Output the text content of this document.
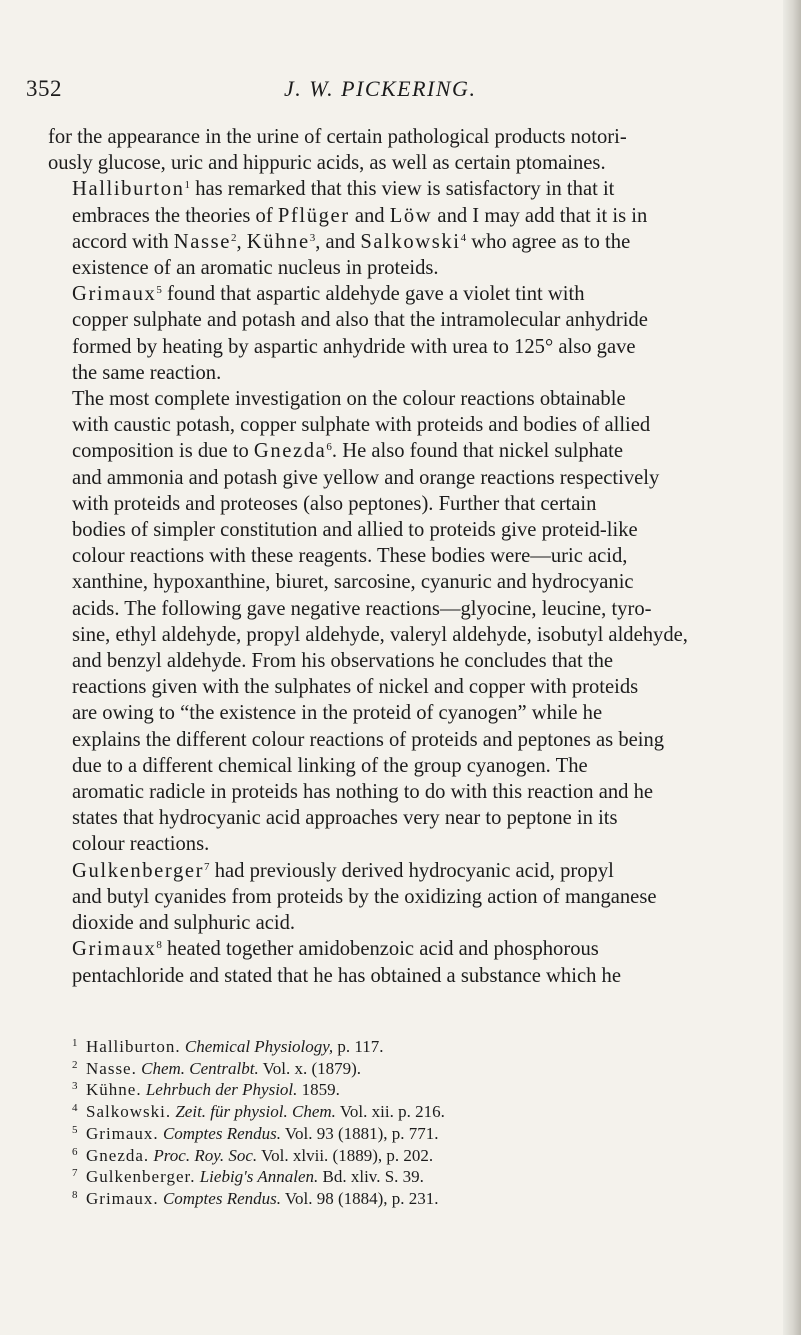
352	J. W. PICKERING.

for the appearance in the urine of certain pathological products notori-
ously glucose, uric and hippuric acids, as well as certain ptomaines.

Halliburton$^1$ has remarked that this view is satisfactory in that it
embraces the theories of Pflüger and Löw and I may add that it is in
accord with Nasse$^2$, Kühne$^3$, and Salkowski$^4$ who agree as to the
existence of an aromatic nucleus in proteids.

Grimaux$^5$ found that aspartic aldehyde gave a violet tint with
copper sulphate and potash and also that the intramolecular anhydride
formed by heating by aspartic anhydride with urea to 125° also gave
the same reaction.

The most complete investigation on the colour reactions obtainable
with caustic potash, copper sulphate with proteids and bodies of allied
composition is due to Gnezda$^6$. He also found that nickel sulphate
and ammonia and potash give yellow and orange reactions respectively
with proteids and proteoses (also peptones). Further that certain
bodies of simpler constitution and allied to proteids give proteid-like
colour reactions with these reagents. These bodies were—uric acid,
xanthine, hypoxanthine, biuret, sarcosine, cyanuric and hydrocyanic
acids. The following gave negative reactions—glyocine, leucine, tyro-
sine, ethyl aldehyde, propyl aldehyde, valeryl aldehyde, isobutyl aldehyde,
and benzyl aldehyde. From his observations he concludes that the
reactions given with the sulphates of nickel and copper with proteids
are owing to “the existence in the proteid of cyanogen” while he
explains the different colour reactions of proteids and peptones as being
due to a different chemical linking of the group cyanogen. The
aromatic radicle in proteids has nothing to do with this reaction and he
states that hydrocyanic acid approaches very near to peptone in its
colour reactions.

Gulkenberger$^7$ had previously derived hydrocyanic acid, propyl
and butyl cyanides from proteids by the oxidizing action of manganese
dioxide and sulphuric acid.

Grimaux$^8$ heated together amidobenzoic acid and phosphorous
pentachloride and stated that he has obtained a substance which he

1 Halliburton. Chemical Physiology, p. 117.
2 Nasse. Chem. Centralbt. Vol. x. (1879).
3 Kühne. Lehrbuch der Physiol. 1859.
4 Salkowski. Zeit. für physiol. Chem. Vol. xii. p. 216.
5 Grimaux. Comptes Rendus. Vol. 93 (1881), p. 771.
6 Gnezda. Proc. Roy. Soc. Vol. xlvii. (1889), p. 202.
7 Gulkenberger. Liebig's Annalen. Bd. xliv. S. 39.
8 Grimaux. Comptes Rendus. Vol. 98 (1884), p. 231.
